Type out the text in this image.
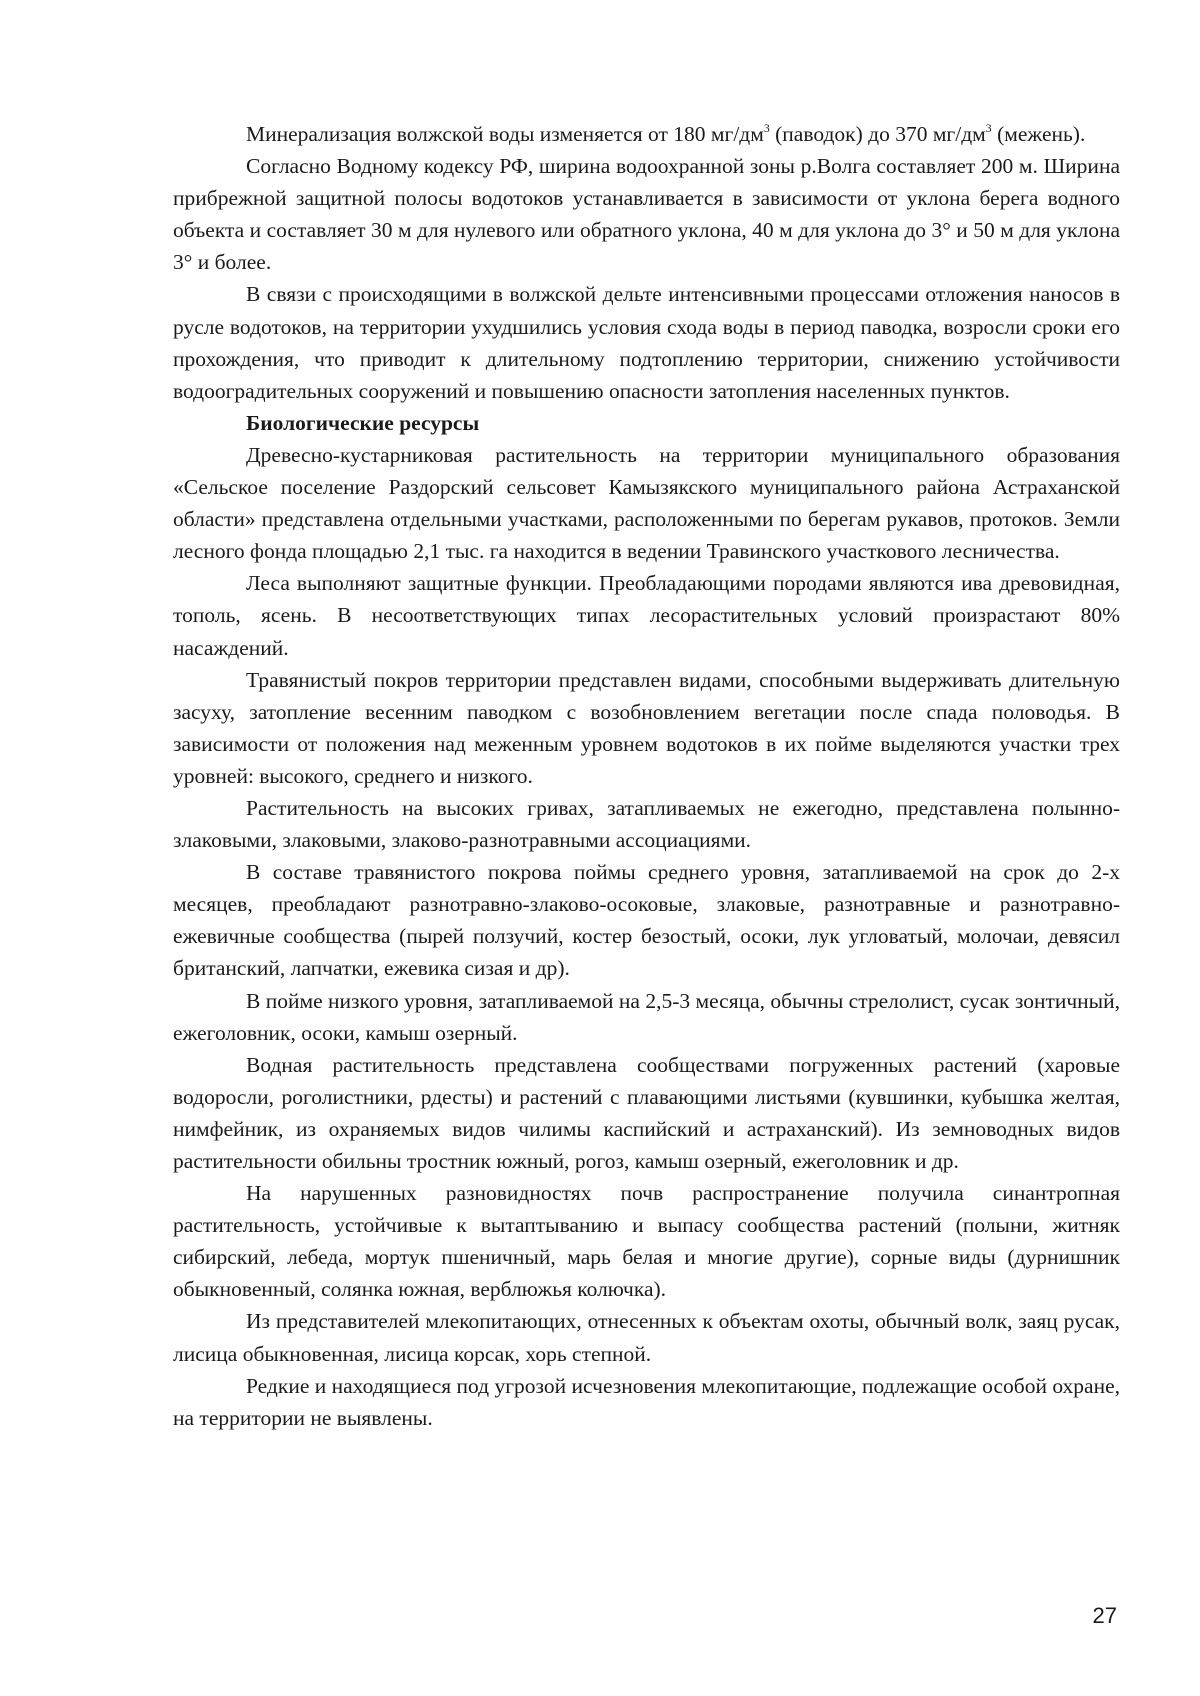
Минерализация волжской воды изменяется от 180 $мг/дм^3$ (паводок) до 370 $мг/дм^3$ (межень).

Согласно Водному кодексу РФ, ширина водоохранной зоны р.Волга составляет 200 м. Ширина прибрежной защитной полосы водотоков устанавливается в зависимости от уклона берега водного объекта и составляет 30 м для нулевого или обратного уклона, 40 м для уклона до 3° и 50 м для уклона 3° и более.

В связи с происходящими в волжской дельте интенсивными процессами отложения наносов в русле водотоков, на территории ухудшились условия схода воды в период паводка, возросли сроки его прохождения, что приводит к длительному подтоплению территории, снижению устойчивости водооградительных сооружений и повышению опасности затопления населенных пунктов.

Биологические ресурсы

Древесно-кустарниковая растительность на территории муниципального образования «Сельское поселение Раздорский сельсовет Камызякского муниципального района Астраханской области» представлена отдельными участками, расположенными по берегам рукавов, протоков. Земли лесного фонда площадью 2,1 тыс. га находится в ведении Травинского участкового лесничества.

Леса выполняют защитные функции. Преобладающими породами являются ива древовидная, тополь, ясень. В несоответствующих типах лесорастительных условий произрастают 80% насаждений.

Травянистый покров территории представлен видами, способными выдерживать длительную засуху, затопление весенним паводком с возобновлением вегетации после спада половодья. В зависимости от положения над меженным уровнем водотоков в их пойме выделяются участки трех уровней: высокого, среднего и низкого.

Растительность на высоких гривах, затапливаемых не ежегодно, представлена полынно-злаковыми, злаковыми, злаково-разнотравными ассоциациями.

В составе травянистого покрова поймы среднего уровня, затапливаемой на срок до 2-х месяцев, преобладают разнотравно-злаково-осоковые, злаковые, разнотравные и разнотравно-ежевичные сообщества (пырей ползучий, костер безостый, осоки, лук угловатый, молочаи, девясил британский, лапчатки, ежевика сизая и др).

В пойме низкого уровня, затапливаемой на 2,5-3 месяца, обычны стрелолист, сусак зонтичный, ежеголовник, осоки, камыш озерный.

Водная растительность представлена сообществами погруженных растений (харовые водоросли, роголистники, рдесты) и растений с плавающими листьями (кувшинки, кубышка желтая, нимфейник, из охраняемых видов чилимы каспийский и астраханский). Из земноводных видов растительности обильны тростник южный, рогоз, камыш озерный, ежеголовник и др.

На нарушенных разновидностях почв распространение получила синантропная растительность, устойчивые к вытаптыванию и выпасу сообщества растений (полыни, житняк сибирский, лебеда, мортук пшеничный, марь белая и многие другие), сорные виды (дурнишник обыкновенный, солянка южная, верблюжья колючка).

Из представителей млекопитающих, отнесенных к объектам охоты, обычный волк, заяц русак, лисица обыкновенная, лисица корсак, хорь степной.

Редкие и находящиеся под угрозой исчезновения млекопитающие, подлежащие особой охране, на территории не выявлены.

27
